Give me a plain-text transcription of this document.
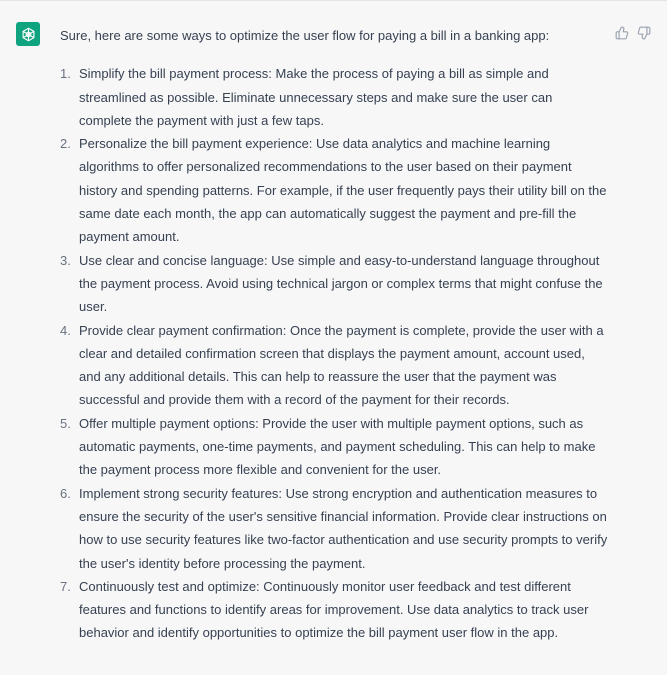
Sure, here are some ways to optimize the user flow for paying a bill in a banking app:

1. Simplify the bill payment process: Make the process of paying a bill as simple and streamlined as possible. Eliminate unnecessary steps and make sure the user can complete the payment with just a few taps.
2. Personalize the bill payment experience: Use data analytics and machine learning algorithms to offer personalized recommendations to the user based on their payment history and spending patterns. For example, if the user frequently pays their utility bill on the same date each month, the app can automatically suggest the payment and pre-fill the payment amount.
3. Use clear and concise language: Use simple and easy-to-understand language throughout the payment process. Avoid using technical jargon or complex terms that might confuse the user.
4. Provide clear payment confirmation: Once the payment is complete, provide the user with a clear and detailed confirmation screen that displays the payment amount, account used, and any additional details. This can help to reassure the user that the payment was successful and provide them with a record of the payment for their records.
5. Offer multiple payment options: Provide the user with multiple payment options, such as automatic payments, one-time payments, and payment scheduling. This can help to make the payment process more flexible and convenient for the user.
6. Implement strong security features: Use strong encryption and authentication measures to ensure the security of the user's sensitive financial information. Provide clear instructions on how to use security features like two-factor authentication and use security prompts to verify the user's identity before processing the payment.
7. Continuously test and optimize: Continuously monitor user feedback and test different features and functions to identify areas for improvement. Use data analytics to track user behavior and identify opportunities to optimize the bill payment user flow in the app.
